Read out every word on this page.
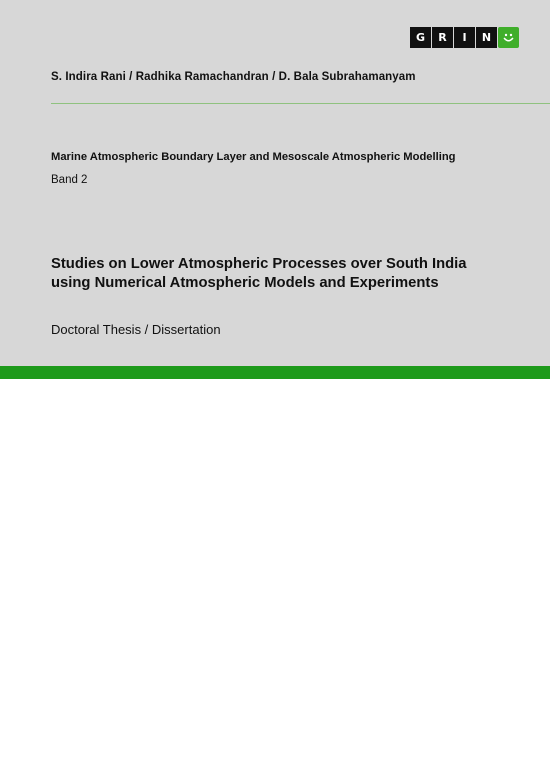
G	R	I	N
S. Indira Rani / Radhika Ramachandran / D. Bala Subrahamanyam
Marine Atmospheric Boundary Layer and Mesoscale Atmospheric Modelling
Band 2
Studies on Lower Atmospheric Processes over South India
using Numerical Atmospheric Models and Experiments
Doctoral Thesis / Dissertation
